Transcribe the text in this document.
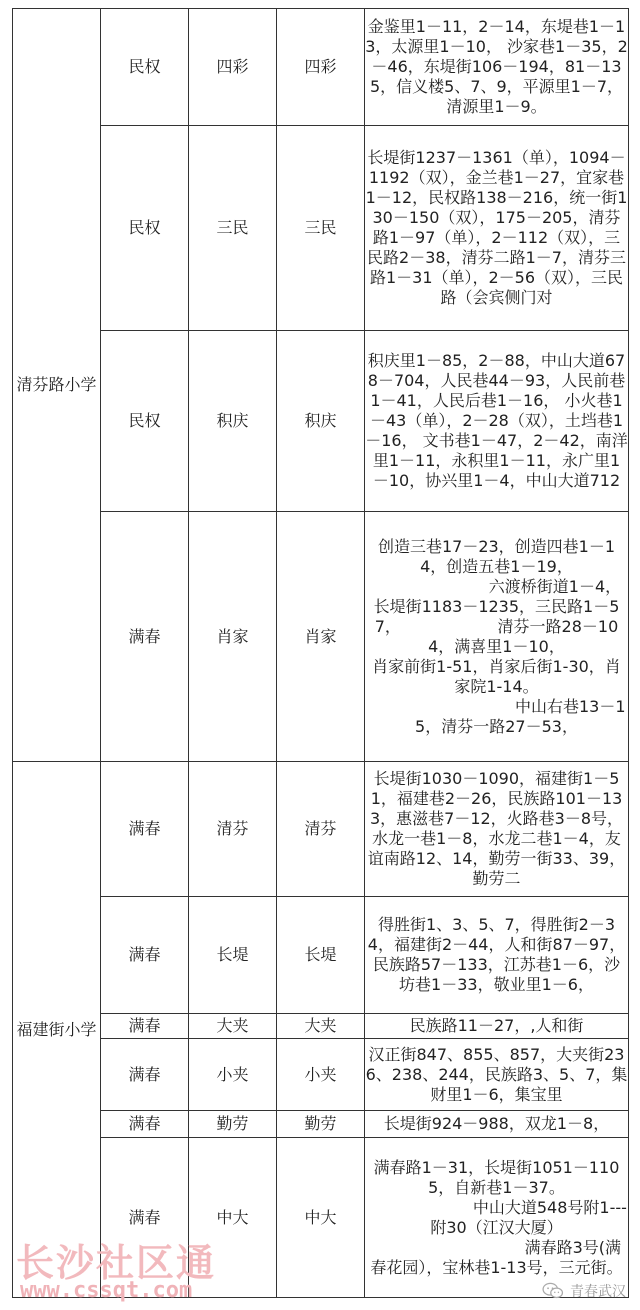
清芬路小学	民权	四彩	四彩	金鉴里1－11，2－14，东堤巷1－13，太源里1－10， 沙家巷1－35，2－46，东堤街106－194，81－135，信义楼5、7、9，平源里1－7，清源里1－9。
	民权	三民	三民	长堤街1237－1361（单），1094－1192（双），金兰巷1－27，宜家巷1－12，民权路138－216，统一街130－150（双），175－205，清芬路1－97（单），2－112（双），三民路2－38，清芬二路1－7，清芬三路1－31（单），2－56（双），三民路（会宾侧门对
	民权	积庆	积庆	积庆里1－85，2－88，中山大道678－704，人民巷44－93，人民前巷1－41，人民后巷1－16， 小火巷1－43（单），2－28（双），土垱巷1－16， 文书巷1－47，2－42，南洋里1－11，永积里1－11，永广里1－10，协兴里1－4，中山大道712
	满春	肖家	肖家	创造三巷17－23，创造四巷1－14，创造五巷1－19，
六渡桥街道1－4，长堤街1183－1235，三民路1－57，                   清芬一路28－104，满喜里1－10，
肖家前街1-51，肖家后街1-30，肖家院1-14。
中山右巷13－15，清芬一路27－53，
福建街小学	满春	清芬	清芬	长堤街1030－1090，福建街1－51，福建巷2－26，民族路101－133，惠滋巷7－12，火路巷3－8号，水龙一巷1－8，水龙二巷1－4，友谊南路12、14，勤劳一街33、39，勤劳二
	满春	长堤	长堤	得胜街1、3、5、7，得胜街2－34，福建街2－44，人和街87－97，民族路57－133，江苏巷1－6，沙坊巷1－33，敬业里1－6，
	满春	大夹	大夹	民族路11－27，,人和街
	满春	小夹	小夹	汉正街847、855、857，大夹街236、238、244，民族路3、5、7，集财里1－6，集宝里
	满春	勤劳	勤劳	长堤街924－988，双龙1－8，
	满春	中大	中大	满春路1－31，长堤街1051－1105，自新巷1－37。
中山大道548号附1---附30（江汉大厦）
满春路3号(满春花园），宝林巷1-13号，三元街。
长沙社区通
www.cssqt.com	青春武汉
